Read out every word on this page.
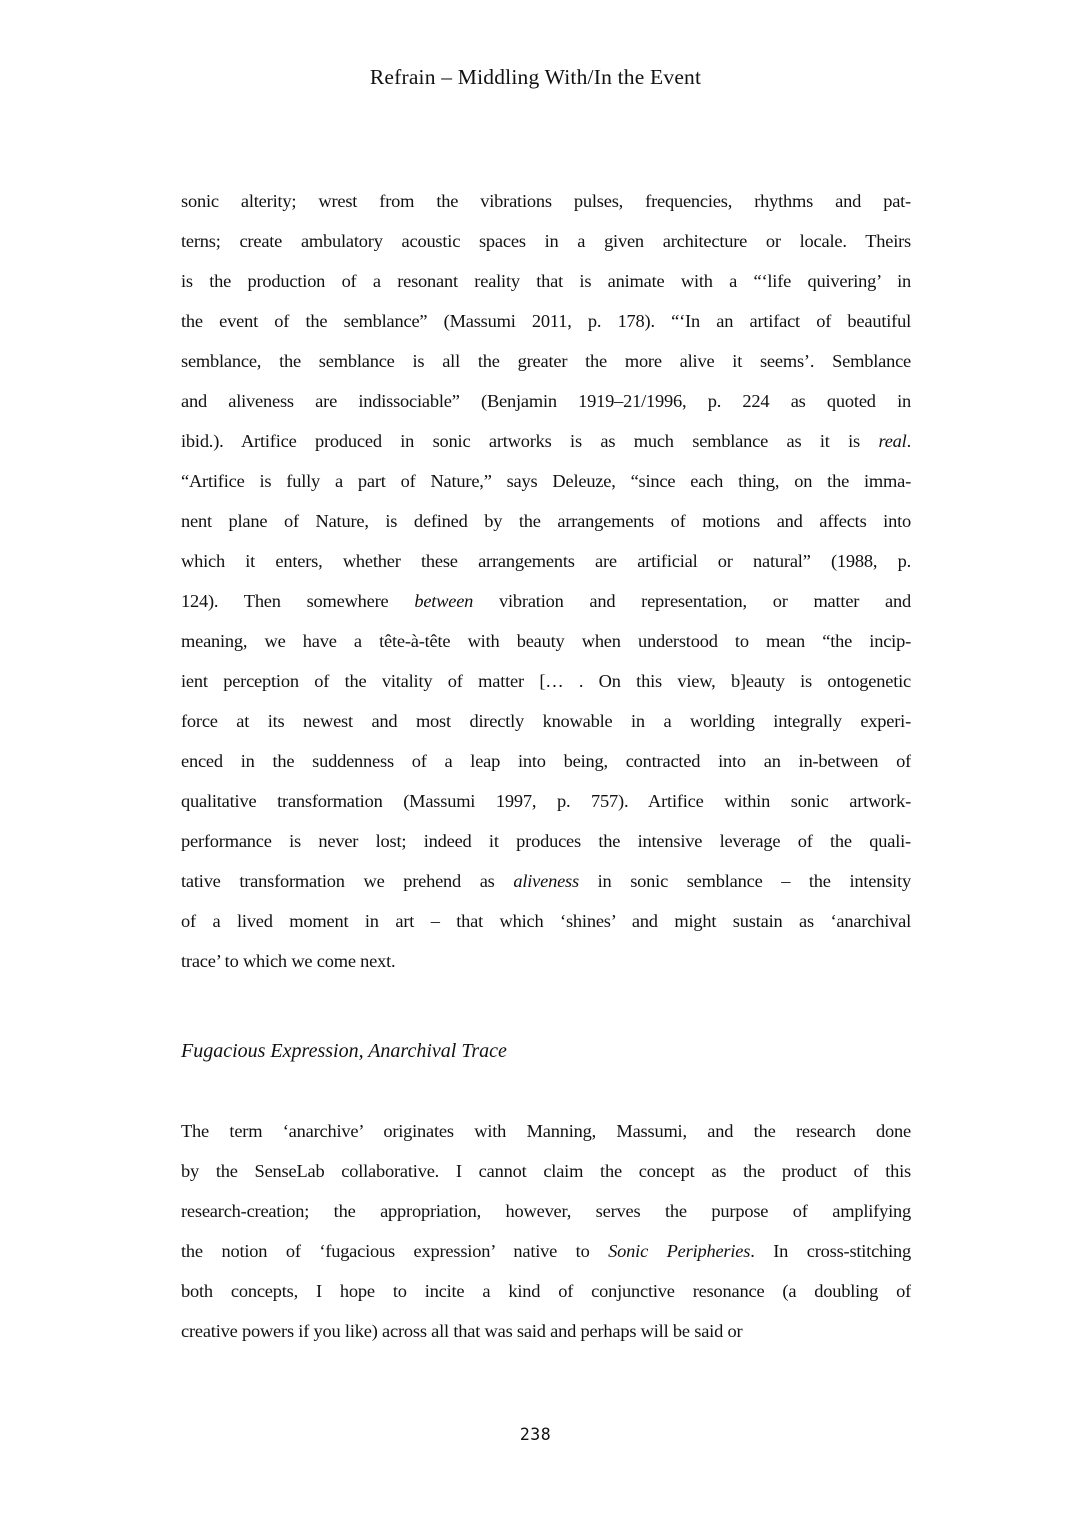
Refrain – Middling With/In the Event
sonic alterity; wrest from the vibrations pulses, frequencies, rhythms and pat-
terns; create ambulatory acoustic spaces in a given architecture or locale. Theirs
is the production of a resonant reality that is animate with a “‘life quivering’ in
the event of the semblance” (Massumi 2011, p. 178). “‘In an artifact of beautiful
semblance, the semblance is all the greater the more alive it seems’. Semblance
and aliveness are indissociable” (Benjamin 1919–21/1996, p. 224 as quoted in
ibid.). Artifice produced in sonic artworks is as much semblance as it is real.
“Artifice is fully a part of Nature,” says Deleuze, “since each thing, on the imma-
nent plane of Nature, is defined by the arrangements of motions and affects into
which it enters, whether these arrangements are artificial or natural” (1988, p.
124). Then somewhere between vibration and representation, or matter and
meaning, we have a tête-à-tête with beauty when understood to mean “the incip-
ient perception of the vitality of matter [… . On this view, b]eauty is ontogenetic
force at its newest and most directly knowable in a worlding integrally experi-
enced in the suddenness of a leap into being, contracted into an in-between of
qualitative transformation (Massumi 1997, p. 757). Artifice within sonic artwork-
performance is never lost; indeed it produces the intensive leverage of the quali-
tative transformation we prehend as aliveness in sonic semblance – the intensity
of a lived moment in art – that which ‘shines’ and might sustain as ‘anarchival
trace’ to which we come next.
Fugacious Expression, Anarchival Trace
The term ‘anarchive’ originates with Manning, Massumi, and the research done
by the SenseLab collaborative. I cannot claim the concept as the product of this
research-creation; the appropriation, however, serves the purpose of amplifying
the notion of ‘fugacious expression’ native to Sonic Peripheries. In cross-stitching
both concepts, I hope to incite a kind of conjunctive resonance (a doubling of
creative powers if you like) across all that was said and perhaps will be said or
238
